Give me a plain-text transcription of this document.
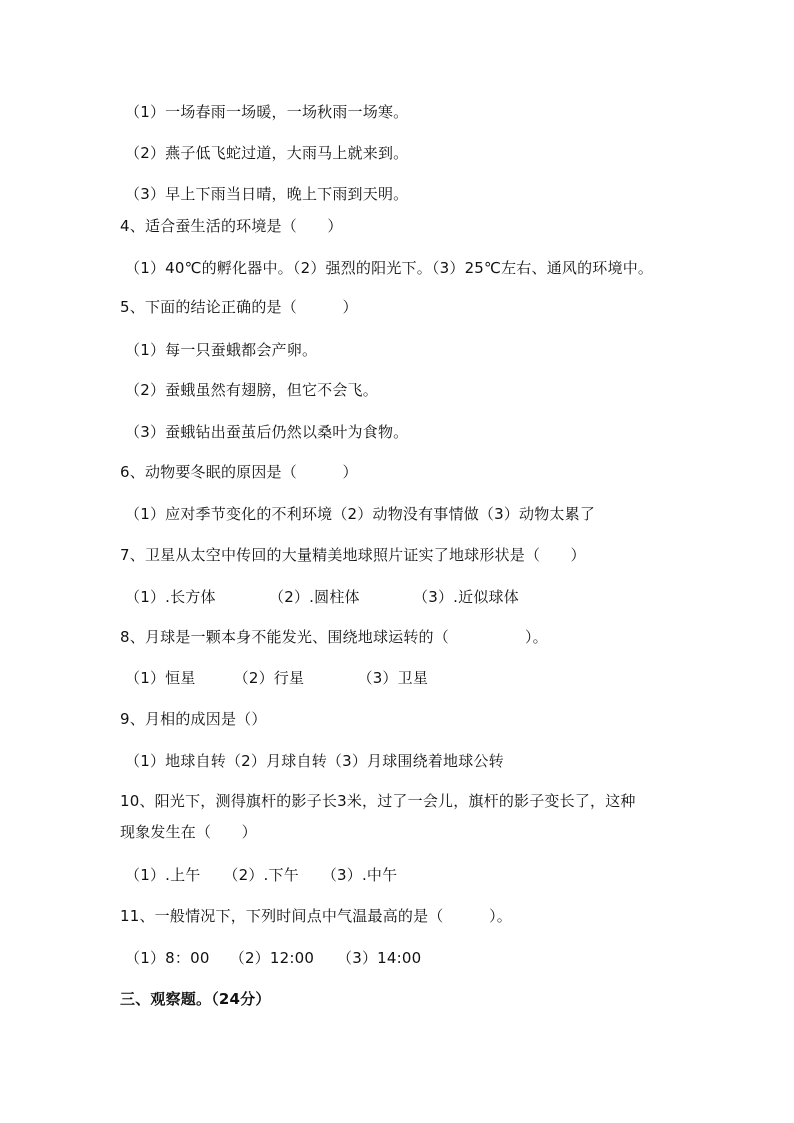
（1）一场春雨一场暖，一场秋雨一场寒。
（2）燕子低飞蛇过道，大雨马上就来到。
（3）早上下雨当日晴，晚上下雨到天明。
4、适合蚕生活的环境是（　　）
（1）40℃的孵化器中。（2）强烈的阳光下。（3）25℃左右、通风的环境中。
5、下面的结论正确的是（　　　）
（1）每一只蚕蛾都会产卵。
（2）蚕蛾虽然有翅膀，但它不会飞。
（3）蚕蛾钻出蚕茧后仍然以桑叶为食物。
6、动物要冬眠的原因是（　　　）
（1）应对季节变化的不利环境（2）动物没有事情做（3）动物太累了
7、卫星从太空中传回的大量精美地球照片证实了地球形状是（　　）
（1）.长方体　　　　（2）.圆柱体　　　　（3）.近似球体
8、月球是一颗本身不能发光、围绕地球运转的（　　　　　）。
（1）恒星　　　（2）行星　　　　（3）卫星
9、月相的成因是（）
（1）地球自转（2）月球自转（3）月球围绕着地球公转
10、阳光下，测得旗杆的影子长3米，过了一会儿，旗杆的影子变长了，这种
现象发生在（　　）
（1）.上午　　（2）.下午　　（3）.中午
11、一般情况下，下列时间点中气温最高的是（　　　）。
（1）8：00　 （2）12:00　　（3）14:00
三、观察题。（24分）
